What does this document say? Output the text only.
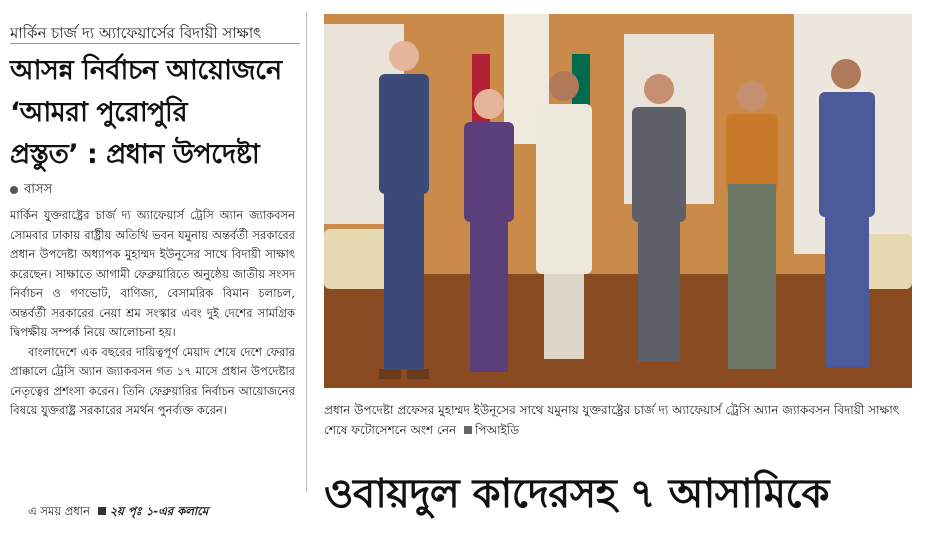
মার্কিন চার্জ দ্য অ্যাফেয়ার্সের বিদায়ী সাক্ষাৎ
আসন্ন নির্বাচন আয়োজনে
‘আমরা পুরোপুরি
প্রস্তুত’ : প্রধান উপদেষ্টা
বাসস

মার্কিন যুক্তরাষ্ট্রের চার্জ দ্য অ্যাফেয়ার্স ট্রেসি অ্যান জ্যাকবসন সোমবার ঢাকায় রাষ্ট্রীয় অতিথি ভবন যমুনায় অন্তর্বর্তী সরকারের প্রধান উপদেষ্টা অধ্যাপক মুহাম্মদ ইউনূসের সাথে বিদায়ী সাক্ষাৎ করেছেন। সাক্ষাতে আগামী ফেব্রুয়ারিতে অনুষ্ঠেয় জাতীয় সংসদ নির্বাচন ও গণভোট, বাণিজ্য, বেসামরিক বিমান চলাচল, অন্তর্বর্তী সরকারের নেয়া শ্রম সংস্কার এবং দুই দেশের সামগ্রিক দ্বিপক্ষীয় সম্পর্ক নিয়ে আলোচনা হয়।

বাংলাদেশে এক বছরের দায়িত্বপূর্ণ মেয়াদ শেষে দেশে ফেরার প্রাক্কালে ট্রেসি অ্যান জ্যাকবসন গত ১৭ মাসে প্রধান উপদেষ্টার নেতৃত্বের প্রশংসা করেন। তিনি ফেব্রুয়ারির নির্বাচন আয়োজনের বিষয়ে যুক্তরাষ্ট্র সরকারের সমর্থন পুনর্ব্যক্ত করেন।

এ সময় প্রধান ২য় পৃঃ ১-এর কলামে
প্রধান উপদেষ্টা প্রফেসর মুহাম্মদ ইউনূসের সাথে যমুনায় যুক্তরাষ্ট্রের চার্জ দ্য অ্যাফেয়ার্স ট্রেসি অ্যান জ্যাকবসন বিদায়ী সাক্ষাৎ শেষে ফটোসেশনে অংশ নেন পিআইডি
ওবায়দুল কাদেরসহ ৭ আসামিকে
